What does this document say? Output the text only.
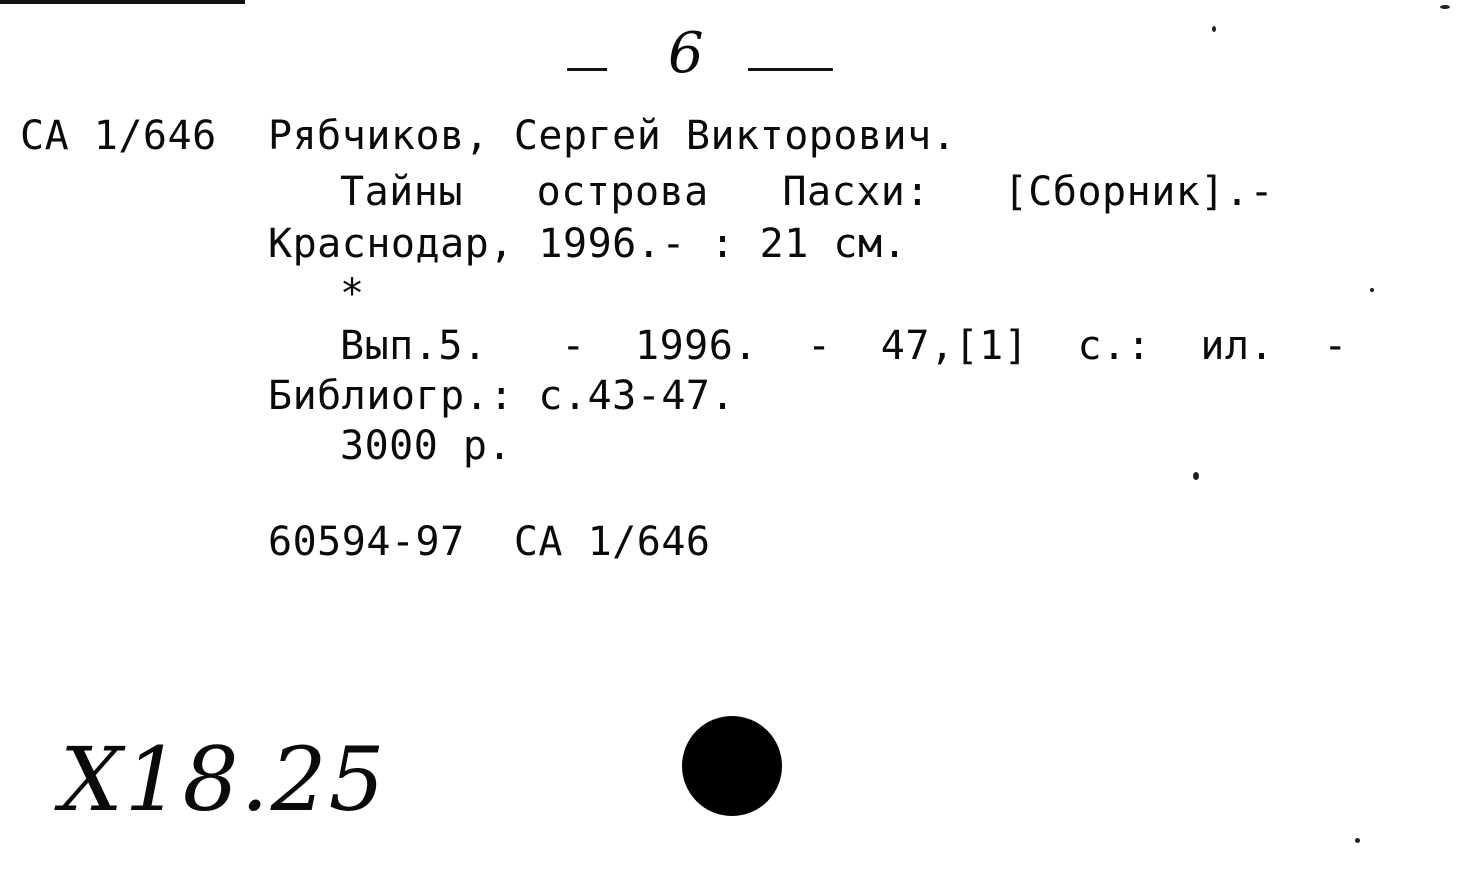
6
CA 1/646 Рябчиков, Сергей Викторович.
Тайны   острова   Пасхи:   [Сборник].-
Краснодар, 1996.- : 21 см.
*
Вып.5.   -  1996.  -  47,[1]  с.:  ил.  -
Библиогр.: с.43-47.
3000 р.
60594-97  CA 1/646
X18.25
